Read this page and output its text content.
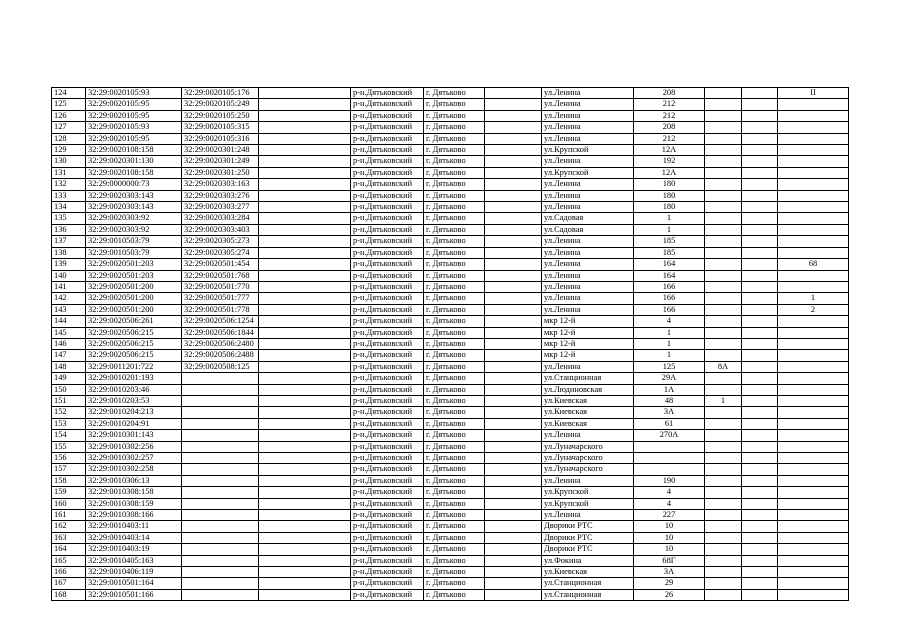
124	32:29:0020105:93	32:29:0020105:176		р-н.Дятьковский	г. Дятьково		ул.Ленина	208			II
125	32:29:0020105:95	32:29:0020105:249		р-н.Дятьковский	г. Дятьково		ул.Ленина	212			
126	32:29:0020105:95	32:29:0020105:250		р-н.Дятьковский	г. Дятьково		ул.Ленина	212			
127	32:29:0020105:93	32:29:0020105:315		р-н.Дятьковский	г. Дятьково		ул.Ленина	208			
128	32:29:0020105:95	32:29:0020105:316		р-н.Дятьковский	г. Дятьково		ул.Ленина	212			
129	32:29:0020108:158	32:29:0020301:248		р-н.Дятьковский	г. Дятьково		ул.Крупской	12А			
130	32:29:0020301:130	32:29:0020301:249		р-н.Дятьковский	г. Дятьково		ул.Ленина	192			
131	32:29:0020108:158	32:29:0020301:250		р-н.Дятьковский	г. Дятьково		ул.Крупской	12А			
132	32:29:0000000:73	32:29:0020303:163		р-н.Дятьковский	г. Дятьково		ул.Ленина	180			
133	32:29:0020303:143	32:29:0020303:276		р-н.Дятьковский	г. Дятьково		ул.Ленина	180			
134	32:29:0020303:143	32:29:0020303:277		р-н.Дятьковский	г. Дятьково		ул.Ленина	180			
135	32:29:0020303:92	32:29:0020303:284		р-н.Дятьковский	г. Дятьково		ул.Садовая	1			
136	32:29:0020303:92	32:29:0020303:403		р-н.Дятьковский	г. Дятьково		ул.Садовая	1			
137	32:29:0010503:79	32:29:0020305:273		р-н.Дятьковский	г. Дятьково		ул.Ленина	185			
138	32:29:0010503:79	32:29:0020305:274		р-н.Дятьковский	г. Дятьково		ул.Ленина	185			
139	32:29:0020501:203	32:29:0020501:454		р-н.Дятьковский	г. Дятьково		ул.Ленина	164			68
140	32:29:0020501:203	32:29:0020501:768		р-н.Дятьковский	г. Дятьково		ул.Ленина	164			
141	32:29:0020501:200	32:29:0020501:770		р-н.Дятьковский	г. Дятьково		ул.Ленина	166			
142	32:29:0020501:200	32:29:0020501:777		р-н.Дятьковский	г. Дятьково		ул.Ленина	166			1
143	32:29:0020501:200	32:29:0020501:778		р-н.Дятьковский	г. Дятьково		ул.Ленина	166			2
144	32:29:0020506:261	32:29:0020506:1254		р-н.Дятьковский	г. Дятьково		мкр 12-й	4			
145	32:29:0020506:215	32:29:0020506:1844		р-н.Дятьковский	г. Дятьково		мкр 12-й	1			
146	32:29:0020506:215	32:29:0020506:2480		р-н.Дятьковский	г. Дятьково		мкр 12-й	1			
147	32:29:0020506:215	32:29:0020506:2488		р-н.Дятьковский	г. Дятьково		мкр 12-й	1			
148	32:29:0011201:722	32:29:0020508:125		р-н.Дятьковский	г. Дятьково		ул.Ленина	125	8А		
149	32:29:0010201:193			р-н.Дятьковский	г. Дятьково		ул.Станционная	29А			
150	32:29:0010203:46			р-н.Дятьковский	г. Дятьково		ул.Людиновская	1А			
151	32:29:0010203:53			р-н.Дятьковский	г. Дятьково		ул.Киевская	48	1		
152	32:29:0010204:213			р-н.Дятьковский	г. Дятьково		ул.Киевская	3А			
153	32:29:0010204:91			р-н.Дятьковский	г. Дятьково		ул.Киевская	61			
154	32:29:0010301:143			р-н.Дятьковский	г. Дятьково		ул.Ленина	270А			
155	32:29:0010302:256			р-н.Дятьковский	г. Дятьково		ул.Луначарского				
156	32:29:0010302:257			р-н.Дятьковский	г. Дятьково		ул.Луначарского				
157	32:29:0010302:258			р-н.Дятьковский	г. Дятьково		ул.Луначарского				
158	32:29:0010306:13			р-н.Дятьковский	г. Дятьково		ул.Ленина	190			
159	32:29:0010308:158			р-н.Дятьковский	г. Дятьково		ул.Крупской	4			
160	32:29:0010308:159			р-н.Дятьковский	г. Дятьково		ул.Крупской	4			
161	32:29:0010308:166			р-н.Дятьковский	г. Дятьково		ул.Ленина	227			
162	32:29:0010403:11			р-н.Дятьковский	г. Дятьково		Дворики РТС	10			
163	32:29:0010403:14			р-н.Дятьковский	г. Дятьково		Дворики РТС	10			
164	32:29:0010403:19			р-н.Дятьковский	г. Дятьково		Дворики РТС	10			
165	32:29:0010405:163			р-н.Дятьковский	г. Дятьково		ул.Фокина	68Г			
166	32:29:0010406:119			р-н.Дятьковский	г. Дятьково		ул.Киевская	3А			
167	32:29:0010501:164			р-н.Дятьковский	г. Дятьково		ул.Станционная	29			
168	32:29:0010501:166			р-н.Дятьковский	г. Дятьково		ул.Станционная	26			
